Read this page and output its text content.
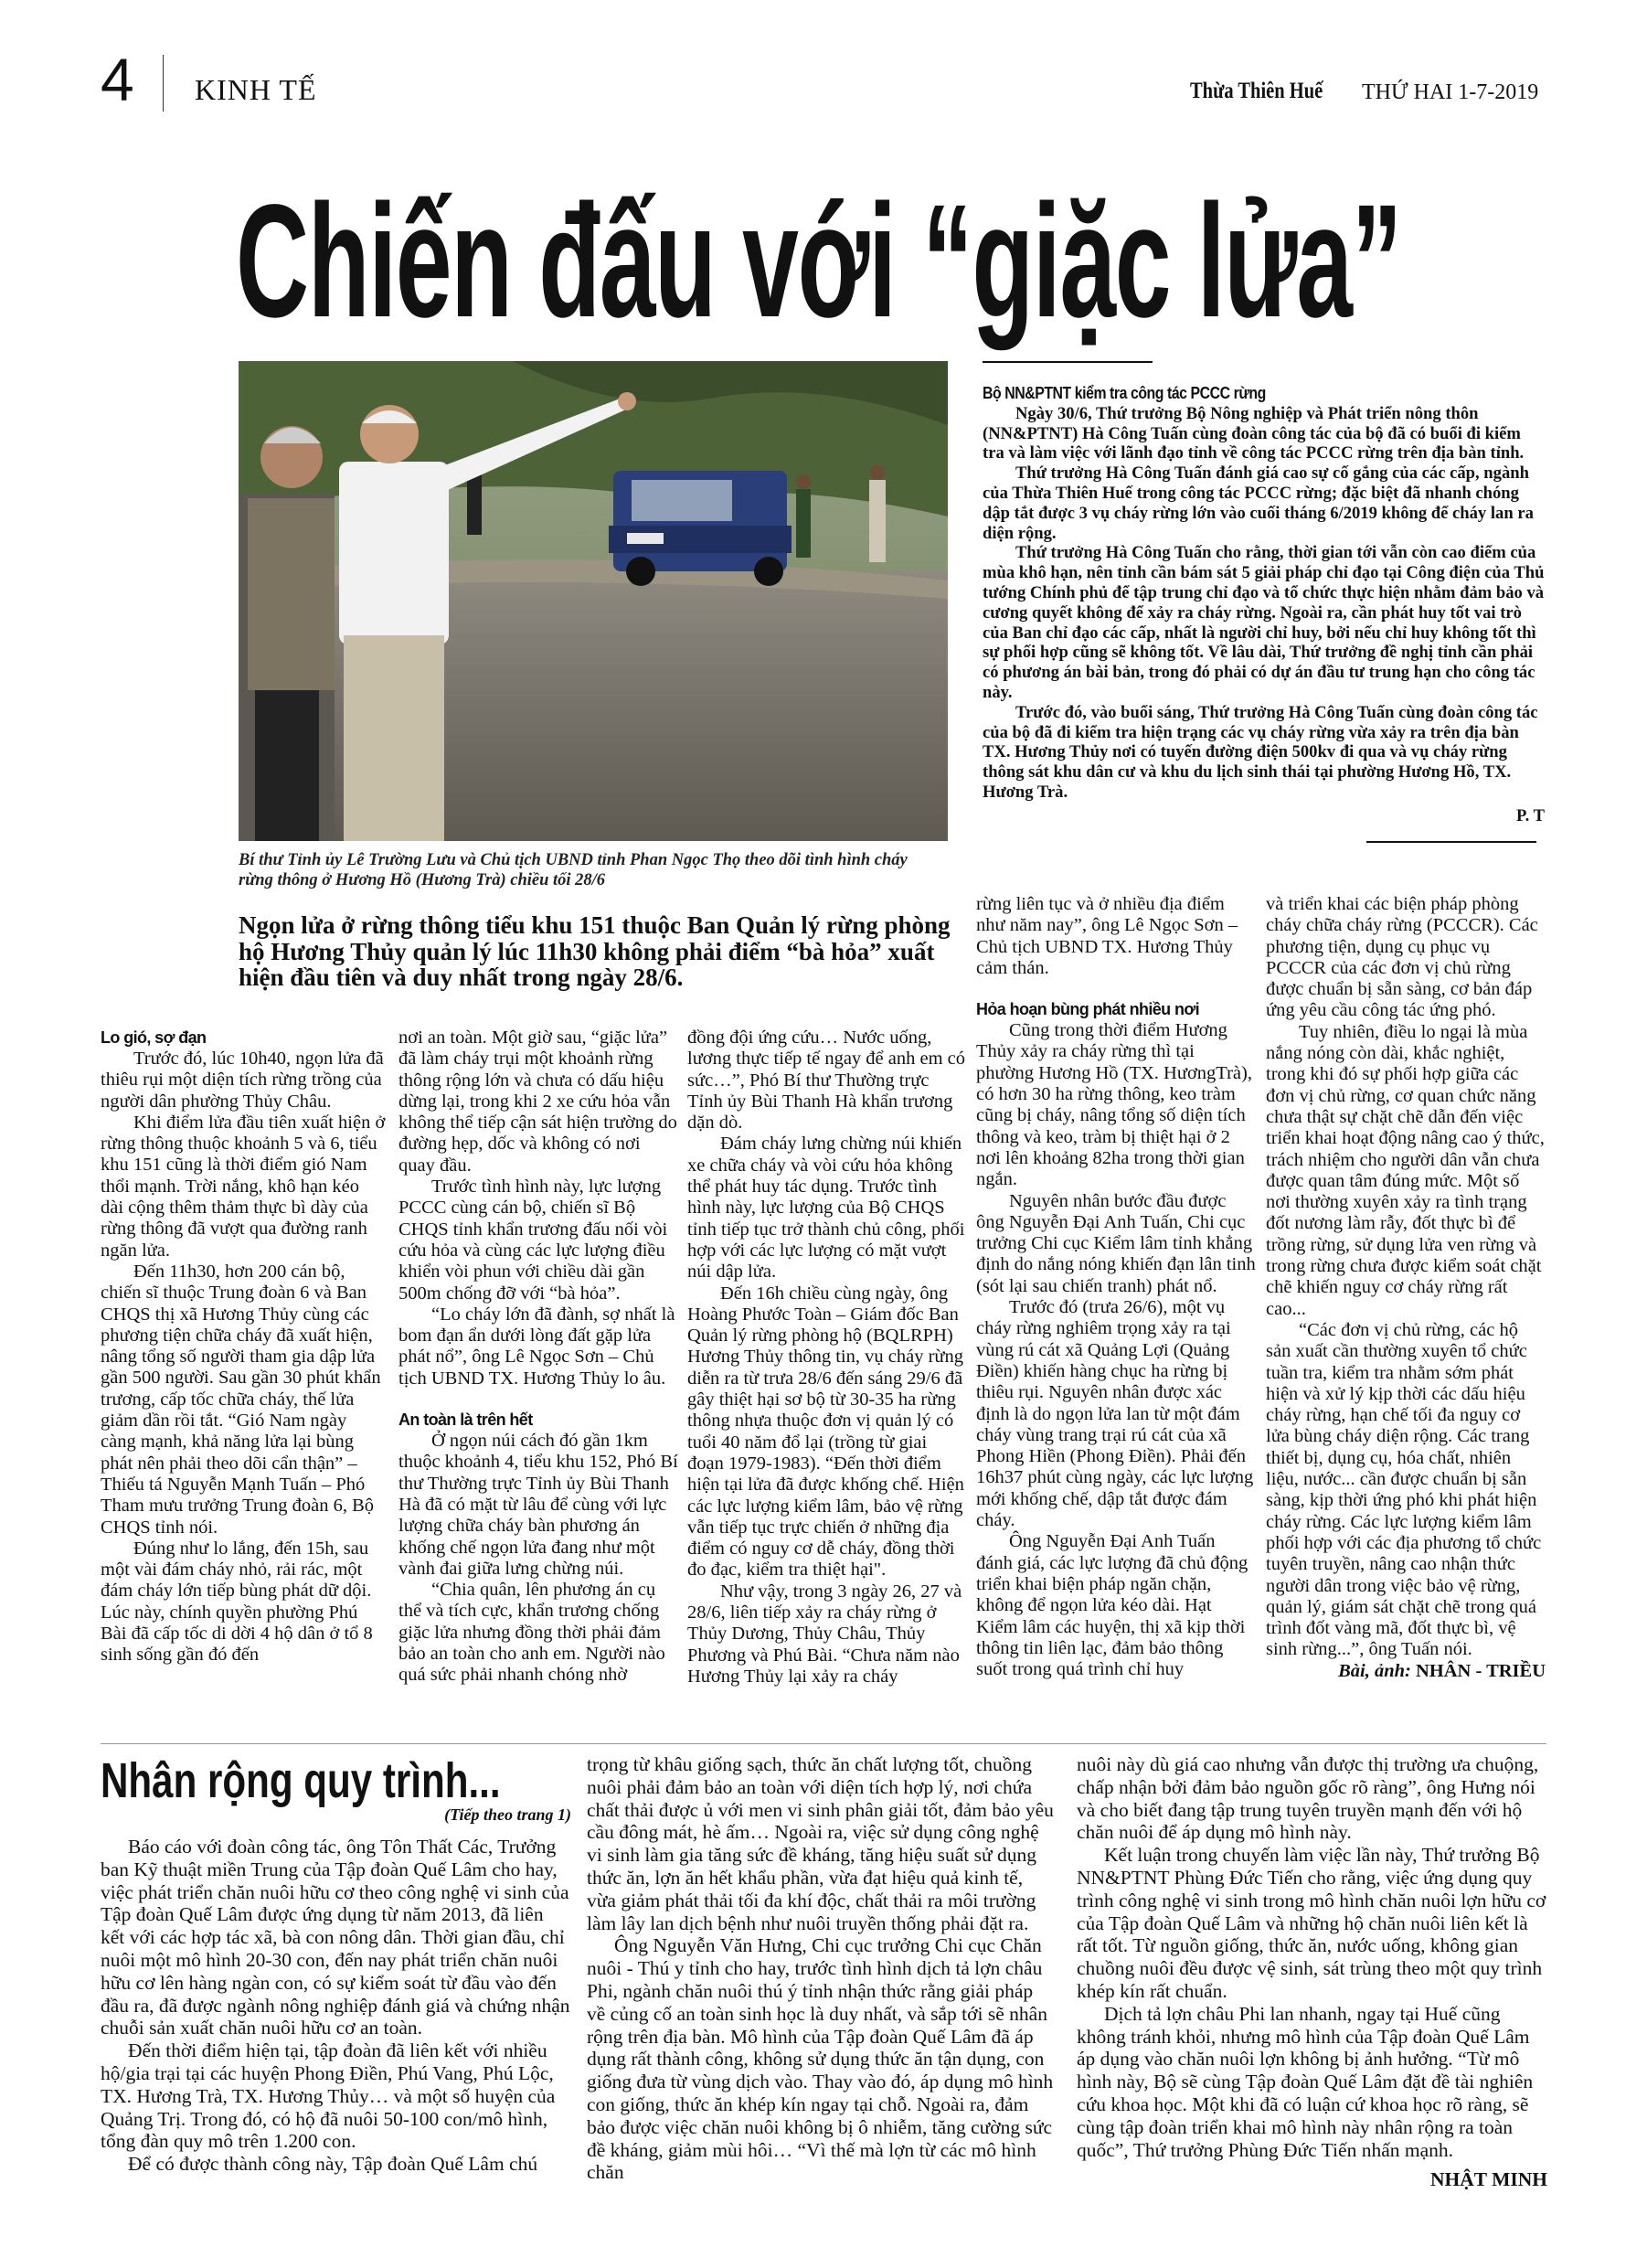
4 KINH TẾ	Thừa Thiên Huế THỨ HAI 1-7-2019
Chiến đấu với “giặc lửa”
Bí thư Tỉnh ủy Lê Trường Lưu và Chủ tịch UBND tỉnh Phan Ngọc Thọ theo dõi tình hình cháy rừng thông ở Hương Hồ (Hương Trà) chiều tối 28/6
Ngọn lửa ở rừng thông tiểu khu 151 thuộc Ban Quản lý rừng phòng hộ Hương Thủy quản lý lúc 11h30 không phải điểm “bà hỏa” xuất hiện đầu tiên và duy nhất trong ngày 28/6.
Bộ NN&PTNT kiểm tra công tác PCCC rừng
Ngày 30/6, Thứ trưởng Bộ Nông nghiệp và Phát triển nông thôn (NN&PTNT) Hà Công Tuấn cùng đoàn công tác của bộ đã có buổi đi kiểm tra và làm việc với lãnh đạo tỉnh về công tác PCCC rừng trên địa bàn tỉnh.
Thứ trưởng Hà Công Tuấn đánh giá cao sự cố gắng của các cấp, ngành của Thừa Thiên Huế trong công tác PCCC rừng; đặc biệt đã nhanh chóng dập tắt được 3 vụ cháy rừng lớn vào cuối tháng 6/2019 không để cháy lan ra diện rộng.
Thứ trưởng Hà Công Tuấn cho rằng, thời gian tới vẫn còn cao điểm của mùa khô hạn, nên tỉnh cần bám sát 5 giải pháp chỉ đạo tại Công điện của Thủ tướng Chính phủ để tập trung chỉ đạo và tổ chức thực hiện nhằm đảm bảo và cương quyết không để xảy ra cháy rừng. Ngoài ra, cần phát huy tốt vai trò của Ban chỉ đạo các cấp, nhất là người chỉ huy, bởi nếu chỉ huy không tốt thì sự phối hợp cũng sẽ không tốt. Về lâu dài, Thứ trưởng đề nghị tỉnh cần phải có phương án bài bản, trong đó phải có dự án đầu tư trung hạn cho công tác này.
Trước đó, vào buổi sáng, Thứ trưởng Hà Công Tuấn cùng đoàn công tác của bộ đã đi kiểm tra hiện trạng các vụ cháy rừng vừa xảy ra trên địa bàn TX. Hương Thủy nơi có tuyến đường điện 500kv đi qua và vụ cháy rừng thông sát khu dân cư và khu du lịch sinh thái tại phường Hương Hồ, TX. Hương Trà.
P. T
Lo gió, sợ đạn

Trước đó, lúc 10h40, ngọn lửa đã thiêu rụi một diện tích rừng trồng của người dân phường Thủy Châu.

Khi điểm lửa đầu tiên xuất hiện ở rừng thông thuộc khoảnh 5 và 6, tiểu khu 151 cũng là thời điểm gió Nam thổi mạnh. Trời nắng, khô hạn kéo dài cộng thêm thảm thực bì dày của rừng thông đã vượt qua đường ranh ngăn lửa.

Đến 11h30, hơn 200 cán bộ, chiến sĩ thuộc Trung đoàn 6 và Ban CHQS thị xã Hương Thủy cùng các phương tiện chữa cháy đã xuất hiện, nâng tổng số người tham gia dập lửa gần 500 người. Sau gần 30 phút khẩn trương, cấp tốc chữa cháy, thế lửa giảm dần rồi tắt. “Gió Nam ngày càng mạnh, khả năng lửa lại bùng phát nên phải theo dõi cẩn thận” – Thiếu tá Nguyễn Mạnh Tuấn – Phó Tham mưu trưởng Trung đoàn 6, Bộ CHQS tỉnh nói.

Đúng như lo lắng, đến 15h, sau một vài đám cháy nhỏ, rải rác, một đám cháy lớn tiếp bùng phát dữ dội. Lúc này, chính quyền phường Phú Bài đã cấp tốc di dời 4 hộ dân ở tổ 8 sinh sống gần đó đến

nơi an toàn. Một giờ sau, “giặc lửa” đã làm cháy trụi một khoảnh rừng thông rộng lớn và chưa có dấu hiệu dừng lại, trong khi 2 xe cứu hỏa vẫn không thể tiếp cận sát hiện trường do đường hẹp, dốc và không có nơi quay đầu.

Trước tình hình này, lực lượng PCCC cùng cán bộ, chiến sĩ Bộ CHQS tỉnh khẩn trương đấu nối vòi cứu hỏa và cùng các lực lượng điều khiển vòi phun với chiều dài gần 500m chống đỡ với “bà hỏa”.

“Lo cháy lớn đã đành, sợ nhất là bom đạn ẩn dưới lòng đất gặp lửa phát nổ”, ông Lê Ngọc Sơn – Chủ tịch UBND TX. Hương Thủy lo âu.

An toàn là trên hết

Ở ngọn núi cách đó gần 1km thuộc khoảnh 4, tiểu khu 152, Phó Bí thư Thường trực Tỉnh ủy Bùi Thanh Hà đã có mặt từ lâu để cùng với lực lượng chữa cháy bàn phương án khống chế ngọn lửa đang như một vành đai giữa lưng chừng núi.

“Chia quân, lên phương án cụ thể và tích cực, khẩn trương chống giặc lửa nhưng đồng thời phải đảm bảo an toàn cho anh em. Người nào quá sức phải nhanh chóng nhờ

đồng đội ứng cứu… Nước uống, lương thực tiếp tế ngay để anh em có sức…”, Phó Bí thư Thường trực Tỉnh ủy Bùi Thanh Hà khẩn trương dặn dò.

Đám cháy lưng chừng núi khiến xe chữa cháy và vòi cứu hỏa không thể phát huy tác dụng. Trước tình hình này, lực lượng của Bộ CHQS tỉnh tiếp tục trở thành chủ công, phối hợp với các lực lượng có mặt vượt núi dập lửa.

Đến 16h chiều cùng ngày, ông Hoàng Phước Toàn – Giám đốc Ban Quản lý rừng phòng hộ (BQLRPH) Hương Thủy thông tin, vụ cháy rừng diễn ra từ trưa 28/6 đến sáng 29/6 đã gây thiệt hại sơ bộ từ 30-35 ha rừng thông nhựa thuộc đơn vị quản lý có tuổi 40 năm đổ lại (trồng từ giai đoạn 1979-1983). “Đến thời điểm hiện tại lửa đã được khống chế. Hiện các lực lượng kiểm lâm, bảo vệ rừng vẫn tiếp tục trực chiến ở những địa điểm có nguy cơ dễ cháy, đồng thời đo đạc, kiểm tra thiệt hại".

Như vậy, trong 3 ngày 26, 27 và 28/6, liên tiếp xảy ra cháy rừng ở Thủy Dương, Thủy Châu, Thủy Phương và Phú Bài. “Chưa năm nào Hương Thủy lại xảy ra cháy

rừng liên tục và ở nhiều địa điểm như năm nay”, ông Lê Ngọc Sơn – Chủ tịch UBND TX. Hương Thủy cảm thán.

Hỏa hoạn bùng phát nhiều nơi

Cũng trong thời điểm Hương Thủy xảy ra cháy rừng thì tại phường Hương Hồ (TX. HươngTrà), có hơn 30 ha rừng thông, keo tràm cũng bị cháy, nâng tổng số diện tích thông và keo, tràm bị thiệt hại ở 2 nơi lên khoảng 82ha trong thời gian ngắn.

Nguyên nhân bước đầu được ông Nguyễn Đại Anh Tuấn, Chi cục trưởng Chi cục Kiểm lâm tỉnh khẳng định do nắng nóng khiến đạn lân tinh (sót lại sau chiến tranh) phát nổ.

Trước đó (trưa 26/6), một vụ cháy rừng nghiêm trọng xảy ra tại vùng rú cát xã Quảng Lợi (Quảng Điền) khiến hàng chục ha rừng bị thiêu rụi. Nguyên nhân được xác định là do ngọn lửa lan từ một đám cháy vùng trang trại rú cát của xã Phong Hiền (Phong Điền). Phải đến 16h37 phút cùng ngày, các lực lượng mới khống chế, dập tắt được đám cháy.

Ông Nguyễn Đại Anh Tuấn đánh giá, các lực lượng đã chủ động triển khai biện pháp ngăn chặn, không để ngọn lửa kéo dài. Hạt Kiểm lâm các huyện, thị xã kịp thời thông tin liên lạc, đảm bảo thông suốt trong quá trình chỉ huy

và triển khai các biện pháp phòng cháy chữa cháy rừng (PCCCR). Các phương tiện, dụng cụ phục vụ PCCCR của các đơn vị chủ rừng được chuẩn bị sẵn sàng, cơ bản đáp ứng yêu cầu công tác ứng phó.

Tuy nhiên, điều lo ngại là mùa nắng nóng còn dài, khắc nghiệt, trong khi đó sự phối hợp giữa các đơn vị chủ rừng, cơ quan chức năng chưa thật sự chặt chẽ dẫn đến việc triển khai hoạt động nâng cao ý thức, trách nhiệm cho người dân vẫn chưa được quan tâm đúng mức. Một số nơi thường xuyên xảy ra tình trạng đốt nương làm rẫy, đốt thực bì để trồng rừng, sử dụng lửa ven rừng và trong rừng chưa được kiểm soát chặt chẽ khiến nguy cơ cháy rừng rất cao...

“Các đơn vị chủ rừng, các hộ sản xuất cần thường xuyên tổ chức tuần tra, kiểm tra nhằm sớm phát hiện và xử lý kịp thời các dấu hiệu cháy rừng, hạn chế tối đa nguy cơ lửa bùng cháy diện rộng. Các trang thiết bị, dụng cụ, hóa chất, nhiên liệu, nước... cần được chuẩn bị sẵn sàng, kịp thời ứng phó khi phát hiện cháy rừng. Các lực lượng kiểm lâm phối hợp với các địa phương tổ chức tuyên truyền, nâng cao nhận thức người dân trong việc bảo vệ rừng, quản lý, giám sát chặt chẽ trong quá trình đốt vàng mã, đốt thực bì, vệ sinh rừng...”, ông Tuấn nói.

Bài, ảnh: NHÂN - TRIỀU
Nhân rộng quy trình...
(Tiếp theo trang 1)

Báo cáo với đoàn công tác, ông Tôn Thất Các, Trưởng ban Kỹ thuật miền Trung của Tập đoàn Quế Lâm cho hay, việc phát triển chăn nuôi hữu cơ theo công nghệ vi sinh của Tập đoàn Quế Lâm được ứng dụng từ năm 2013, đã liên kết với các hợp tác xã, bà con nông dân. Thời gian đầu, chỉ nuôi một mô hình 20-30 con, đến nay phát triển chăn nuôi hữu cơ lên hàng ngàn con, có sự kiểm soát từ đầu vào đến đầu ra, đã được ngành nông nghiệp đánh giá và chứng nhận chuỗi sản xuất chăn nuôi hữu cơ an toàn.

Đến thời điểm hiện tại, tập đoàn đã liên kết với nhiều hộ/gia trại tại các huyện Phong Điền, Phú Vang, Phú Lộc, TX. Hương Trà, TX. Hương Thủy… và một số huyện của Quảng Trị. Trong đó, có hộ đã nuôi 50-100 con/mô hình, tổng đàn quy mô trên 1.200 con.

Để có được thành công này, Tập đoàn Quế Lâm chú

trọng từ khâu giống sạch, thức ăn chất lượng tốt, chuồng nuôi phải đảm bảo an toàn với diện tích hợp lý, nơi chứa chất thải được ủ với men vi sinh phân giải tốt, đảm bảo yêu cầu đông mát, hè ấm… Ngoài ra, việc sử dụng công nghệ vi sinh làm gia tăng sức đề kháng, tăng hiệu suất sử dụng thức ăn, lợn ăn hết khẩu phần, vừa đạt hiệu quả kinh tế, vừa giảm phát thải tối đa khí độc, chất thải ra môi trường làm lây lan dịch bệnh như nuôi truyền thống phải đặt ra.

Ông Nguyễn Văn Hưng, Chi cục trưởng Chi cục Chăn nuôi - Thú y tỉnh cho hay, trước tình hình dịch tả lợn châu Phi, ngành chăn nuôi thú ý tỉnh nhận thức rằng giải pháp về củng cố an toàn sinh học là duy nhất, và sắp tới sẽ nhân rộng trên địa bàn. Mô hình của Tập đoàn Quế Lâm đã áp dụng rất thành công, không sử dụng thức ăn tận dụng, con giống đưa từ vùng dịch vào. Thay vào đó, áp dụng mô hình con giống, thức ăn khép kín ngay tại chỗ. Ngoài ra, đảm bảo được việc chăn nuôi không bị ô nhiễm, tăng cường sức đề kháng, giảm mùi hôi… “Vì thế mà lợn từ các mô hình chăn

nuôi này dù giá cao nhưng vẫn được thị trường ưa chuộng, chấp nhận bởi đảm bảo nguồn gốc rõ ràng”, ông Hưng nói và cho biết đang tập trung tuyên truyền mạnh đến với hộ chăn nuôi để áp dụng mô hình này.

Kết luận trong chuyến làm việc lần này, Thứ trưởng Bộ NN&PTNT Phùng Đức Tiến cho rằng, việc ứng dụng quy trình công nghệ vi sinh trong mô hình chăn nuôi lợn hữu cơ của Tập đoàn Quế Lâm và những hộ chăn nuôi liên kết là rất tốt. Từ nguồn giống, thức ăn, nước uống, không gian chuồng nuôi đều được vệ sinh, sát trùng theo một quy trình khép kín rất chuẩn.

Dịch tả lợn châu Phi lan nhanh, ngay tại Huế cũng không tránh khỏi, nhưng mô hình của Tập đoàn Quế Lâm áp dụng vào chăn nuôi lợn không bị ảnh hưởng. “Từ mô hình này, Bộ sẽ cùng Tập đoàn Quế Lâm đặt đề tài nghiên cứu khoa học. Một khi đã có luận cứ khoa học rõ ràng, sẽ cùng tập đoàn triển khai mô hình này nhân rộng ra toàn quốc”, Thứ trưởng Phùng Đức Tiến nhấn mạnh.

NHẬT MINH
